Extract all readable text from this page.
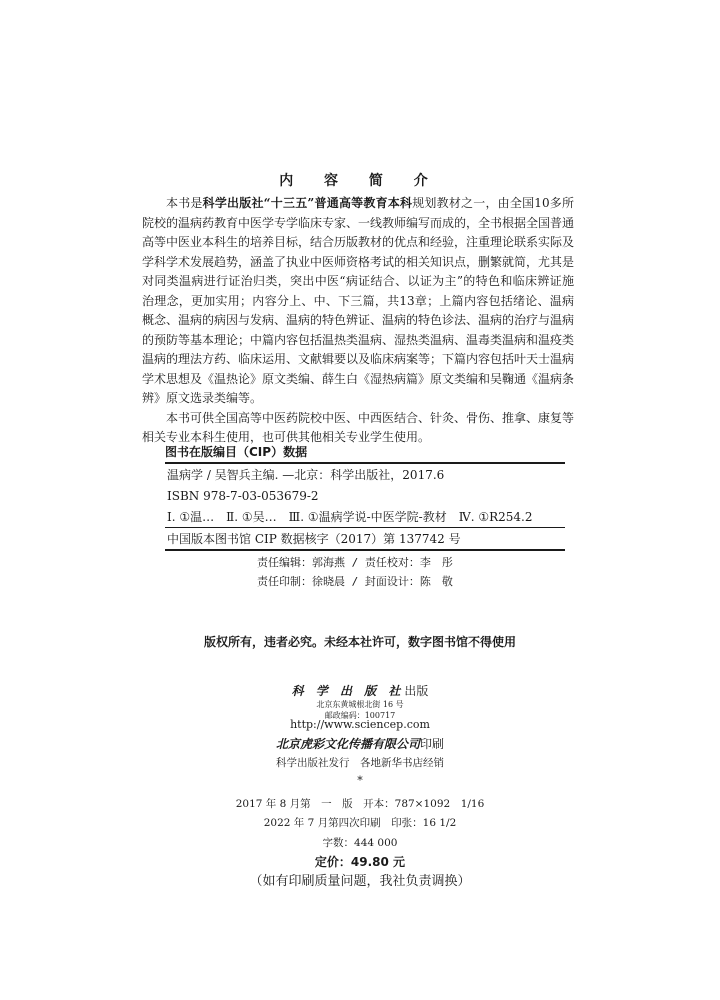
内 容 简 介

本书是科学出版社“十三五”普通高等教育本科规划教材之一，由全国10多所院校的温病药教育中医学专学临床专家、一线教师编写而成的，全书根据全国普通高等中医业本科生的培养目标，结合历版教材的优点和经验，注重理论联系实际及学科学术发展趋势，涵盖了执业中医师资格考试的相关知识点，删繁就简，尤其是对同类温病进行证治归类，突出中医“病证结合、以证为主”的特色和临床辨证施治理念，更加实用；内容分上、中、下三篇，共13章；上篇内容包括绪论、温病概念、温病的病因与发病、温病的特色辨证、温病的特色诊法、温病的治疗与温病的预防等基本理论；中篇内容包括温热类温病、湿热类温病、温毒类温病和温疫类温病的理法方药、临床运用、文献辑要以及临床病案等；下篇内容包括叶天士温病学术思想及《温热论》原文类编、薛生白《湿热病篇》原文类编和吴鞠通《温病条辨》原文选录类编等。

本书可供全国高等中医药院校中医、中西医结合、针灸、骨伤、推拿、康复等相关专业本科生使用，也可供其他相关专业学生使用。

图书在版编目（CIP）数据
温病学 / 吴智兵主编. —北京：科学出版社，2017.6
ISBN 978-7-03-053679-2
Ⅰ. ①温…　Ⅱ. ①吴…　Ⅲ. ①温病学说-中医学院-教材　Ⅳ. ①R254.2
中国版本图书馆 CIP 数据核字（2017）第 137742 号
责任编辑：郭海燕 / 责任校对：李　彤
责任印制：徐晓晨 / 封面设计：陈　敬
版权所有，违者必究。未经本社许可，数字图书馆不得使用
科 学 出 版 社出版
北京东黄城根北街 16 号
邮政编码：100717
http://www.sciencep.com
北京虎彩文化传播有限公司印刷
科学出版社发行　各地新华书店经销
*
2017 年 8 月第　一　版　开本：787×1092　1/16
2022 年 7 月第四次印刷　印张：16 1/2
字数：444 000
定价：49.80 元
（如有印刷质量问题，我社负责调换）
